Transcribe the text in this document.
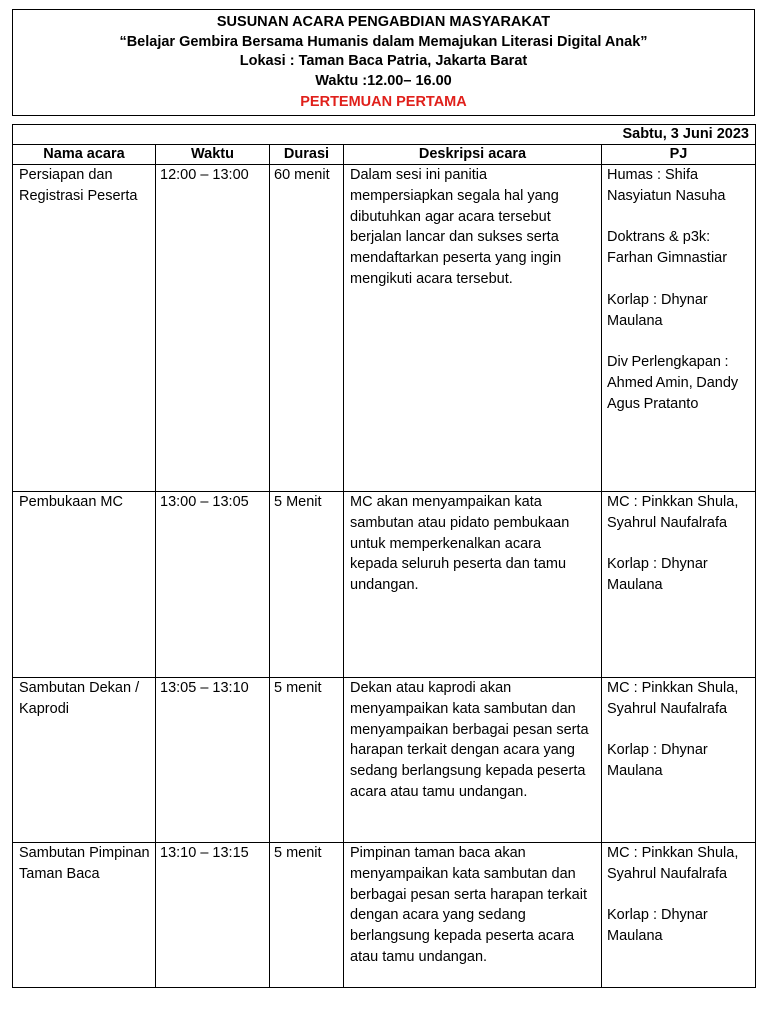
SUSUNAN ACARA PENGABDIAN MASYARAKAT
“Belajar Gembira Bersama Humanis dalam Memajukan Literasi Digital Anak”
Lokasi : Taman Baca Patria, Jakarta Barat
Waktu :12.00– 16.00
PERTEMUAN PERTAMA
Sabtu, 3 Juni 2023				
Nama acara	Waktu	Durasi	Deskripsi acara	PJ
Persiapan dan Registrasi Peserta	12:00 – 13:00	60 menit	Dalam sesi ini panitia mempersiapkan segala hal yang dibutuhkan agar acara tersebut berjalan lancar dan sukses serta mendaftarkan peserta yang ingin mengikuti acara tersebut.	Humas : Shifa Nasyiatun Nasuha
Doktrans & p3k: Farhan Gimnastiar
Korlap : Dhynar Maulana
Div Perlengkapan : Ahmed Amin, Dandy Agus Pratanto

Pembukaan MC	13:00 – 13:05	5 Menit	MC akan menyampaikan kata sambutan atau pidato pembukaan untuk memperkenalkan acara kepada seluruh peserta dan tamu undangan.	MC : Pinkkan Shula, Syahrul Naufalrafa
Korlap : Dhynar Maulana

Sambutan Dekan / Kaprodi	13:05 – 13:10	5 menit	Dekan atau kaprodi akan menyampaikan kata sambutan dan menyampaikan berbagai pesan serta harapan terkait dengan acara yang sedang berlangsung kepada peserta acara atau tamu undangan.	MC : Pinkkan Shula, Syahrul Naufalrafa
Korlap : Dhynar Maulana

Sambutan Pimpinan Taman Baca	13:10 – 13:15	5 menit	Pimpinan taman baca akan menyampaikan kata sambutan dan berbagai pesan serta harapan terkait dengan acara yang sedang berlangsung kepada peserta acara atau tamu undangan.	MC : Pinkkan Shula, Syahrul Naufalrafa
Korlap : Dhynar Maulana
